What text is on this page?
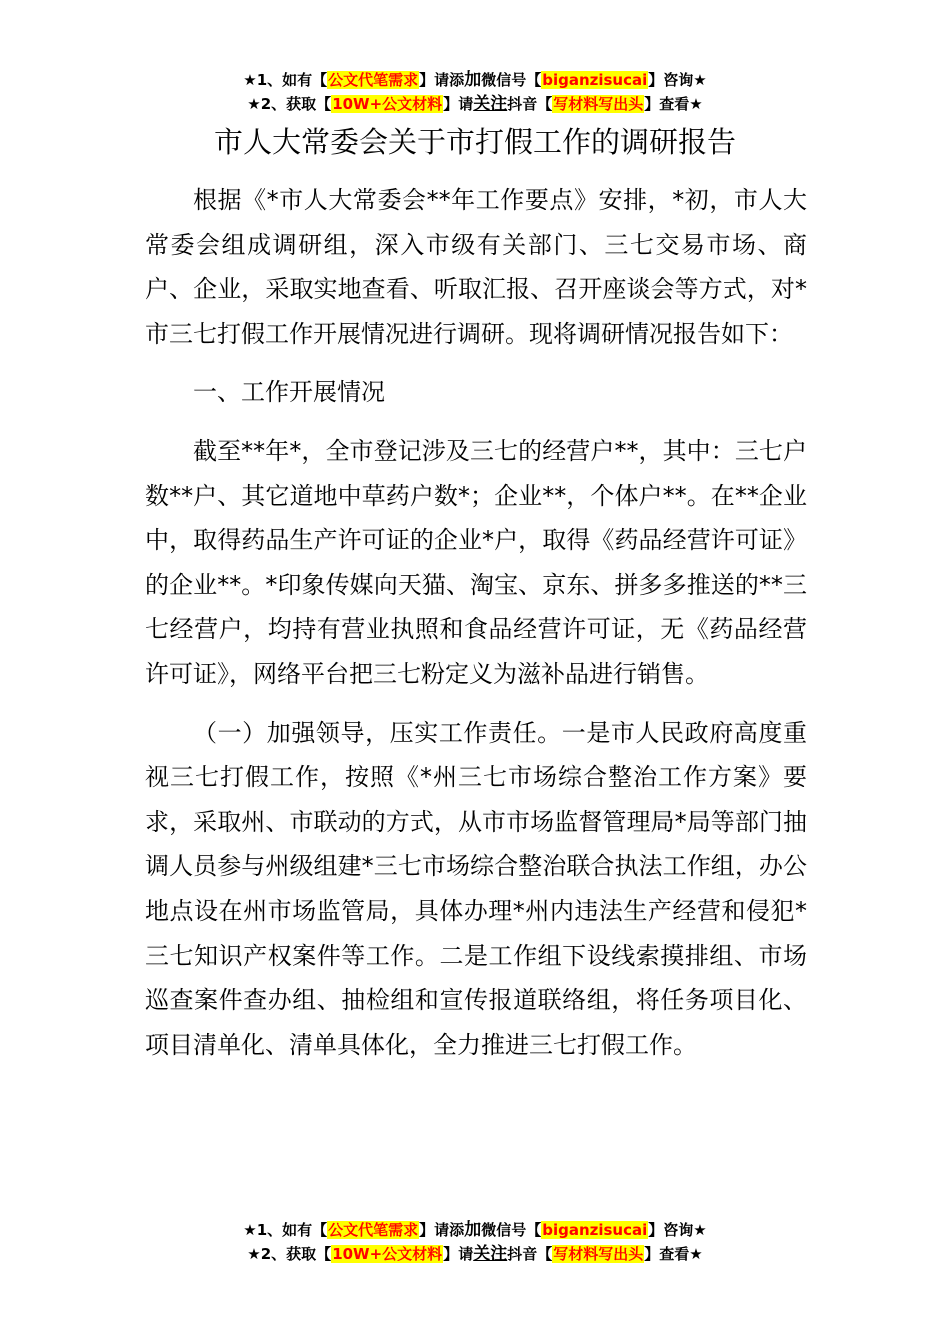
★1、如有【公文代笔需求】请添加微信号【biganzisucai】咨询★
★2、获取【10W+公文材料】请关注抖音【写材料写出头】查看★
市人大常委会关于市打假工作的调研报告

根据《*市人大常委会**年工作要点》安排，*初，市人大常委会组成调研组，深入市级有关部门、三七交易市场、商户、企业，采取实地查看、听取汇报、召开座谈会等方式，对*市三七打假工作开展情况进行调研。现将调研情况报告如下：

一、工作开展情况

截至**年*，全市登记涉及三七的经营户**，其中：三七户数**户、其它道地中草药户数*；企业**，个体户**。在**企业中，取得药品生产许可证的企业*户，取得《药品经营许可证》的企业**。*印象传媒向天猫、淘宝、京东、拼多多推送的**三七经营户，均持有营业执照和食品经营许可证，无《药品经营许可证》，网络平台把三七粉定义为滋补品进行销售。

（一）加强领导，压实工作责任。一是市人民政府高度重视三七打假工作，按照《*州三七市场综合整治工作方案》要求，采取州、市联动的方式，从市市场监督管理局*局等部门抽调人员参与州级组建*三七市场综合整治联合执法工作组，办公地点设在州市场监管局，具体办理*州内违法生产经营和侵犯*三七知识产权案件等工作。二是工作组下设线索摸排组、市场巡查案件查办组、抽检组和宣传报道联络组，将任务项目化、项目清单化、清单具体化，全力推进三七打假工作。

★1、如有【公文代笔需求】请添加微信号【biganzisucai】咨询★
★2、获取【10W+公文材料】请关注抖音【写材料写出头】查看★
